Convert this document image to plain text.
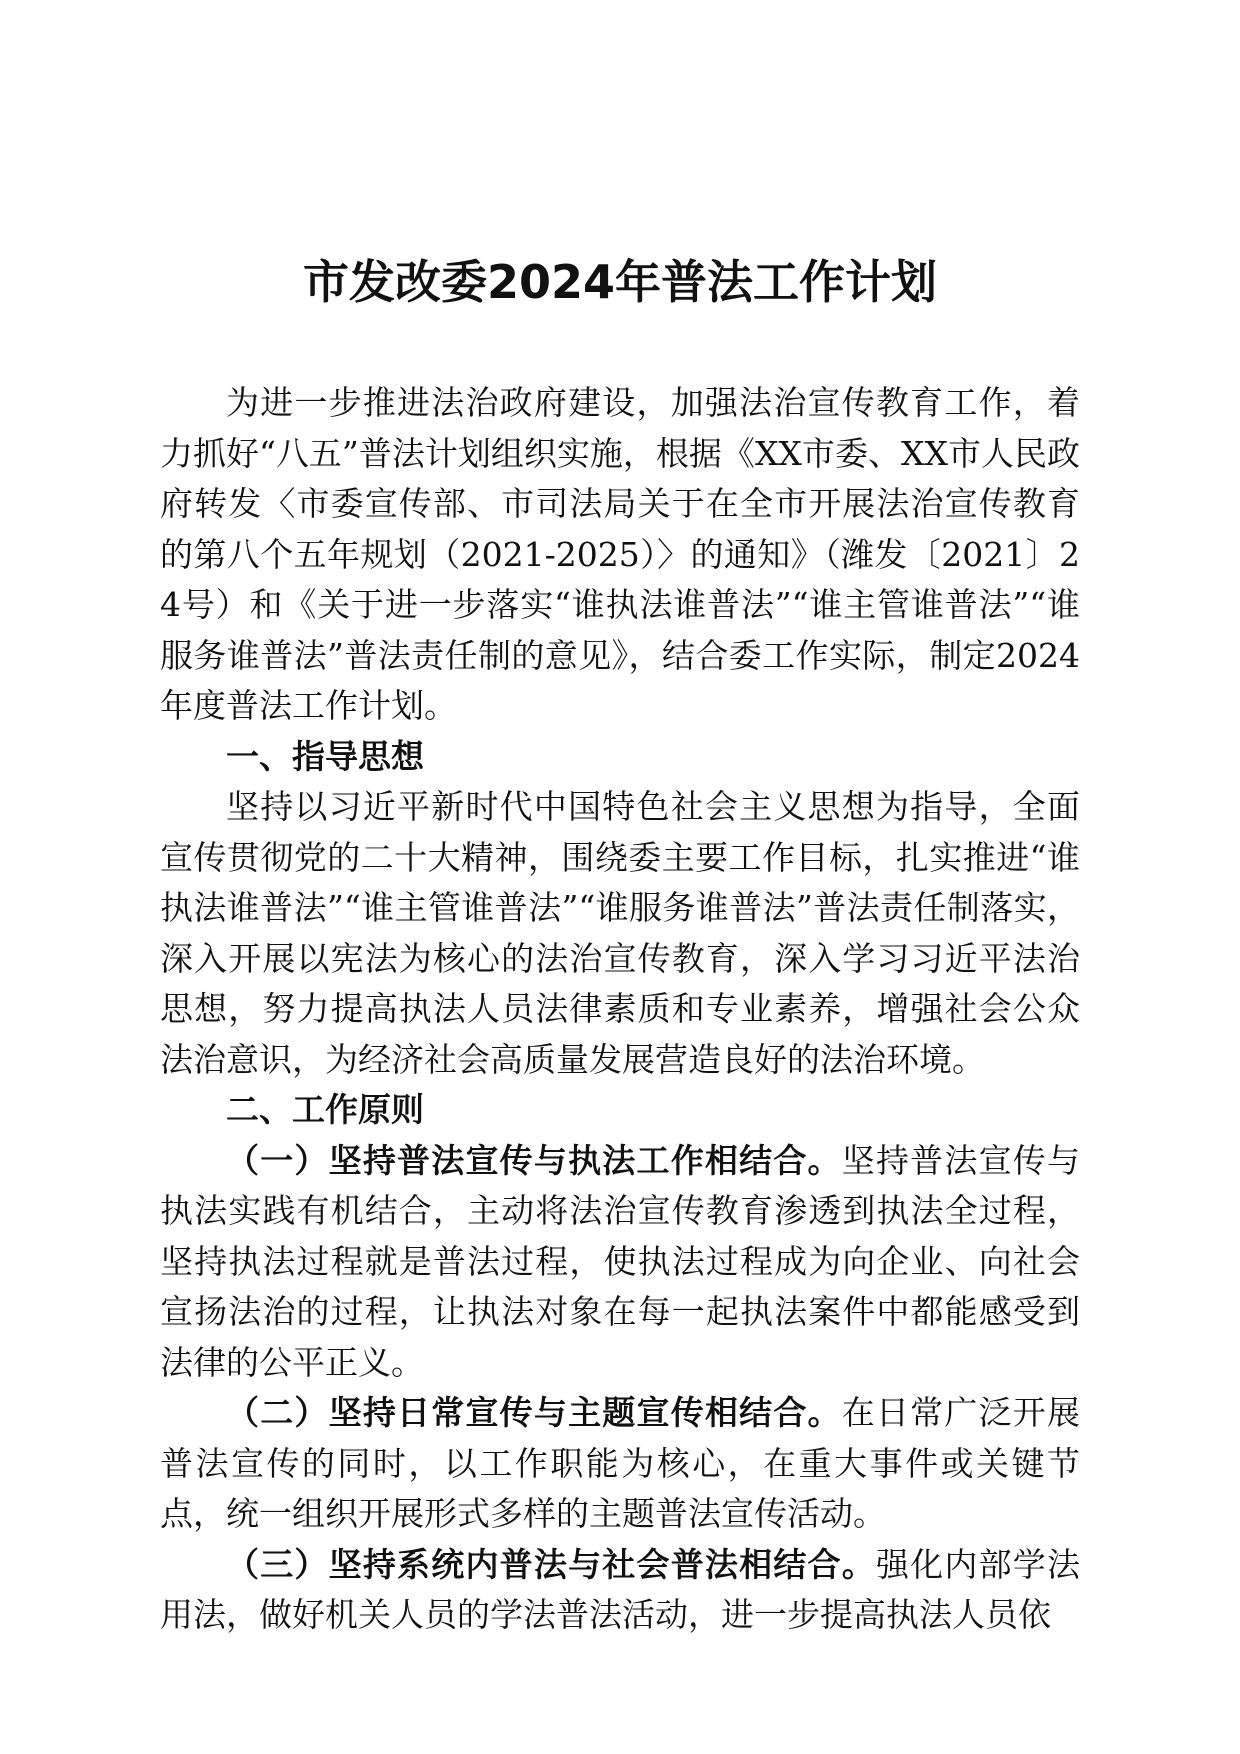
市发改委2024年普法工作计划

为进一步推进法治政府建设，加强法治宣传教育工作，着力抓好“八五”普法计划组织实施，根据《XX市委、XX市人民政府转发〈市委宣传部、市司法局关于在全市开展法治宣传教育的第八个五年规划（2021-2025）〉的通知》（潍发〔2021〕24号）和《关于进一步落实“谁执法谁普法”“谁主管谁普法”“谁服务谁普法”普法责任制的意见》，结合委工作实际，制定2024年度普法工作计划。

一、指导思想

坚持以习近平新时代中国特色社会主义思想为指导，全面宣传贯彻党的二十大精神，围绕委主要工作目标，扎实推进“谁执法谁普法”“谁主管谁普法”“谁服务谁普法”普法责任制落实，深入开展以宪法为核心的法治宣传教育，深入学习习近平法治思想，努力提高执法人员法律素质和专业素养，增强社会公众法治意识，为经济社会高质量发展营造良好的法治环境。

二、工作原则

（一）坚持普法宣传与执法工作相结合。坚持普法宣传与执法实践有机结合，主动将法治宣传教育渗透到执法全过程，坚持执法过程就是普法过程，使执法过程成为向企业、向社会宣扬法治的过程，让执法对象在每一起执法案件中都能感受到法律的公平正义。

（二）坚持日常宣传与主题宣传相结合。在日常广泛开展普法宣传的同时，以工作职能为核心，在重大事件或关键节点，统一组织开展形式多样的主题普法宣传活动。

（三）坚持系统内普法与社会普法相结合。强化内部学法用法，做好机关人员的学法普法活动，进一步提高执法人员依
